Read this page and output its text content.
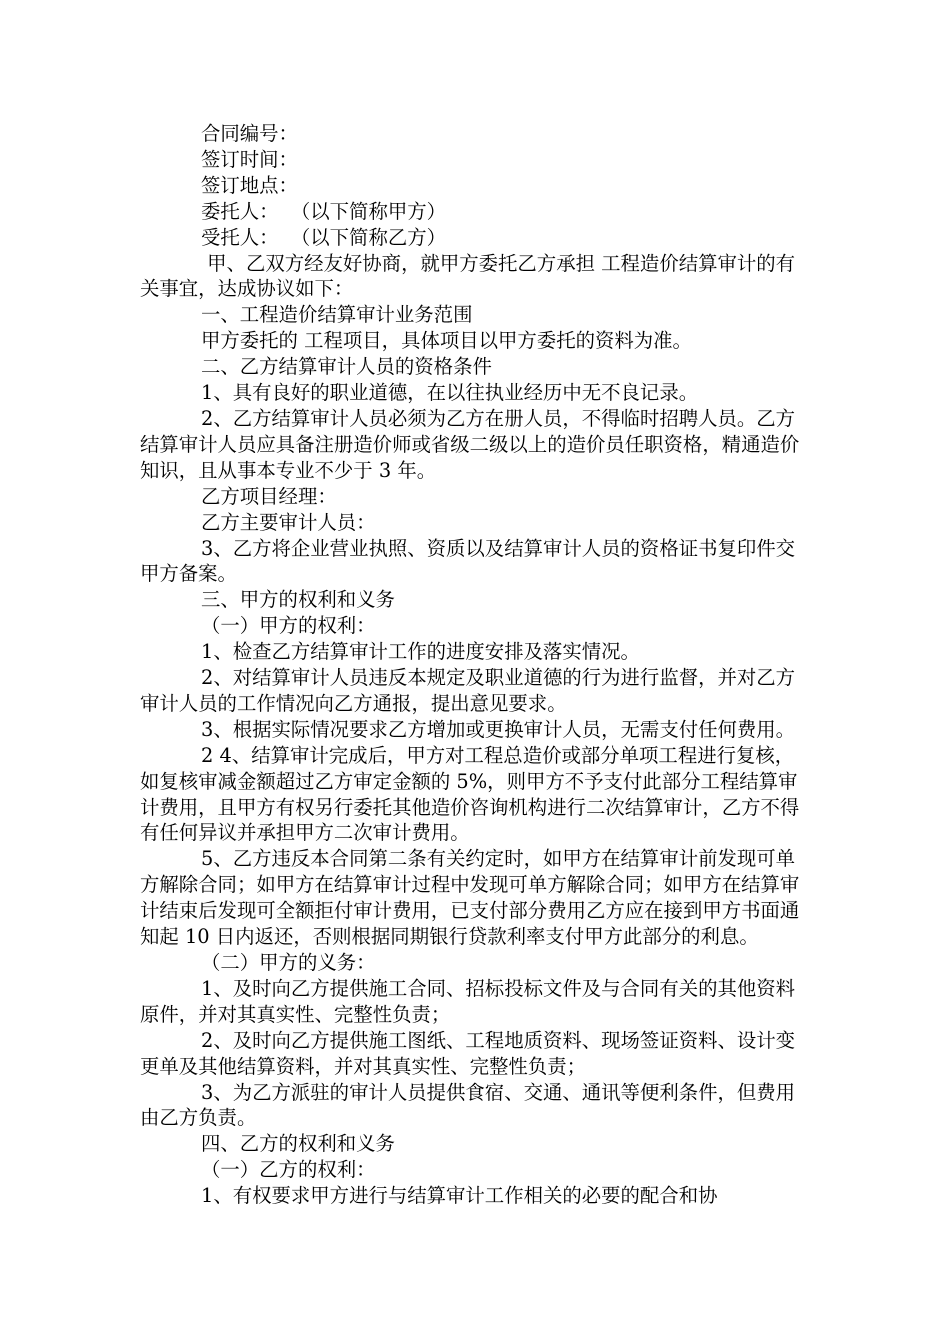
合同编号：

签订时间：

签订地点：

委托人：  （以下简称甲方）

受托人：  （以下简称乙方）

甲、乙双方经友好协商，就甲方委托乙方承担 工程造价结算审计的有关事宜，达成协议如下：

一、工程造价结算审计业务范围

甲方委托的 工程项目，具体项目以甲方委托的资料为准。

二、乙方结算审计人员的资格条件

1、具有良好的职业道德，在以往执业经历中无不良记录。

2、乙方结算审计人员必须为乙方在册人员，不得临时招聘人员。乙方结算审计人员应具备注册造价师或省级二级以上的造价员任职资格，精通造价知识，且从事本专业不少于 3 年。

乙方项目经理：

乙方主要审计人员：

3、乙方将企业营业执照、资质以及结算审计人员的资格证书复印件交甲方备案。

三、甲方的权利和义务

（一）甲方的权利：

1、检查乙方结算审计工作的进度安排及落实情况。

2、对结算审计人员违反本规定及职业道德的行为进行监督，并对乙方审计人员的工作情况向乙方通报，提出意见要求。

3、根据实际情况要求乙方增加或更换审计人员，无需支付任何费用。

2 4、结算审计完成后，甲方对工程总造价或部分单项工程进行复核，如复核审减金额超过乙方审定金额的 5%，则甲方不予支付此部分工程结算审计费用，且甲方有权另行委托其他造价咨询机构进行二次结算审计，乙方不得有任何异议并承担甲方二次审计费用。

5、乙方违反本合同第二条有关约定时，如甲方在结算审计前发现可单方解除合同；如甲方在结算审计过程中发现可单方解除合同；如甲方在结算审计结束后发现可全额拒付审计费用，已支付部分费用乙方应在接到甲方书面通知起 10 日内返还，否则根据同期银行贷款利率支付甲方此部分的利息。

（二）甲方的义务：

1、及时向乙方提供施工合同、招标投标文件及与合同有关的其他资料原件，并对其真实性、完整性负责；

2、及时向乙方提供施工图纸、工程地质资料、现场签证资料、设计变更单及其他结算资料，并对其真实性、完整性负责；

3、为乙方派驻的审计人员提供食宿、交通、通讯等便利条件，但费用由乙方负责。

四、乙方的权利和义务

（一）乙方的权利：

1、有权要求甲方进行与结算审计工作相关的必要的配合和协
